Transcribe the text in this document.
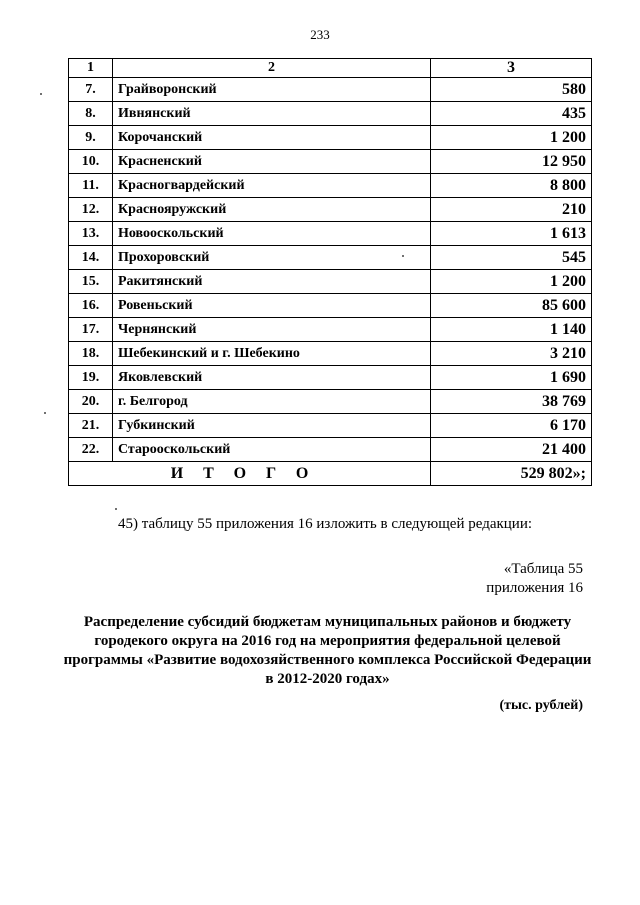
233
1	2	3
7.	Грайворонский	580
8.	Ивнянский	435
9.	Корочанский	1 200
10.	Красненский	12 950
11.	Красногвардейский	8 800
12.	Краснояружский	210
13.	Новооскольский	1 613
14.	Прохоровский	545
15.	Ракитянский	1 200
16.	Ровеньский	85 600
17.	Чернянский	1 140
18.	Шебекинский и г. Шебекино	3 210
19.	Яковлевский	1 690
20.	г. Белгород	38 769
21.	Губкинский	6 170
22.	Старооскольский	21 400
ИТОГО		529 802»;
45) таблицу 55 приложения 16 изложить в следующей редакции:
«Таблица 55
приложения 16
Распределение субсидий бюджетам муниципальных районов и бюджету городекого округа на 2016 год на мероприятия федеральной целевой программы «Развитие водохозяйственного комплекса Российской Федерации в 2012-2020 годах»
(тыс. рублей)
